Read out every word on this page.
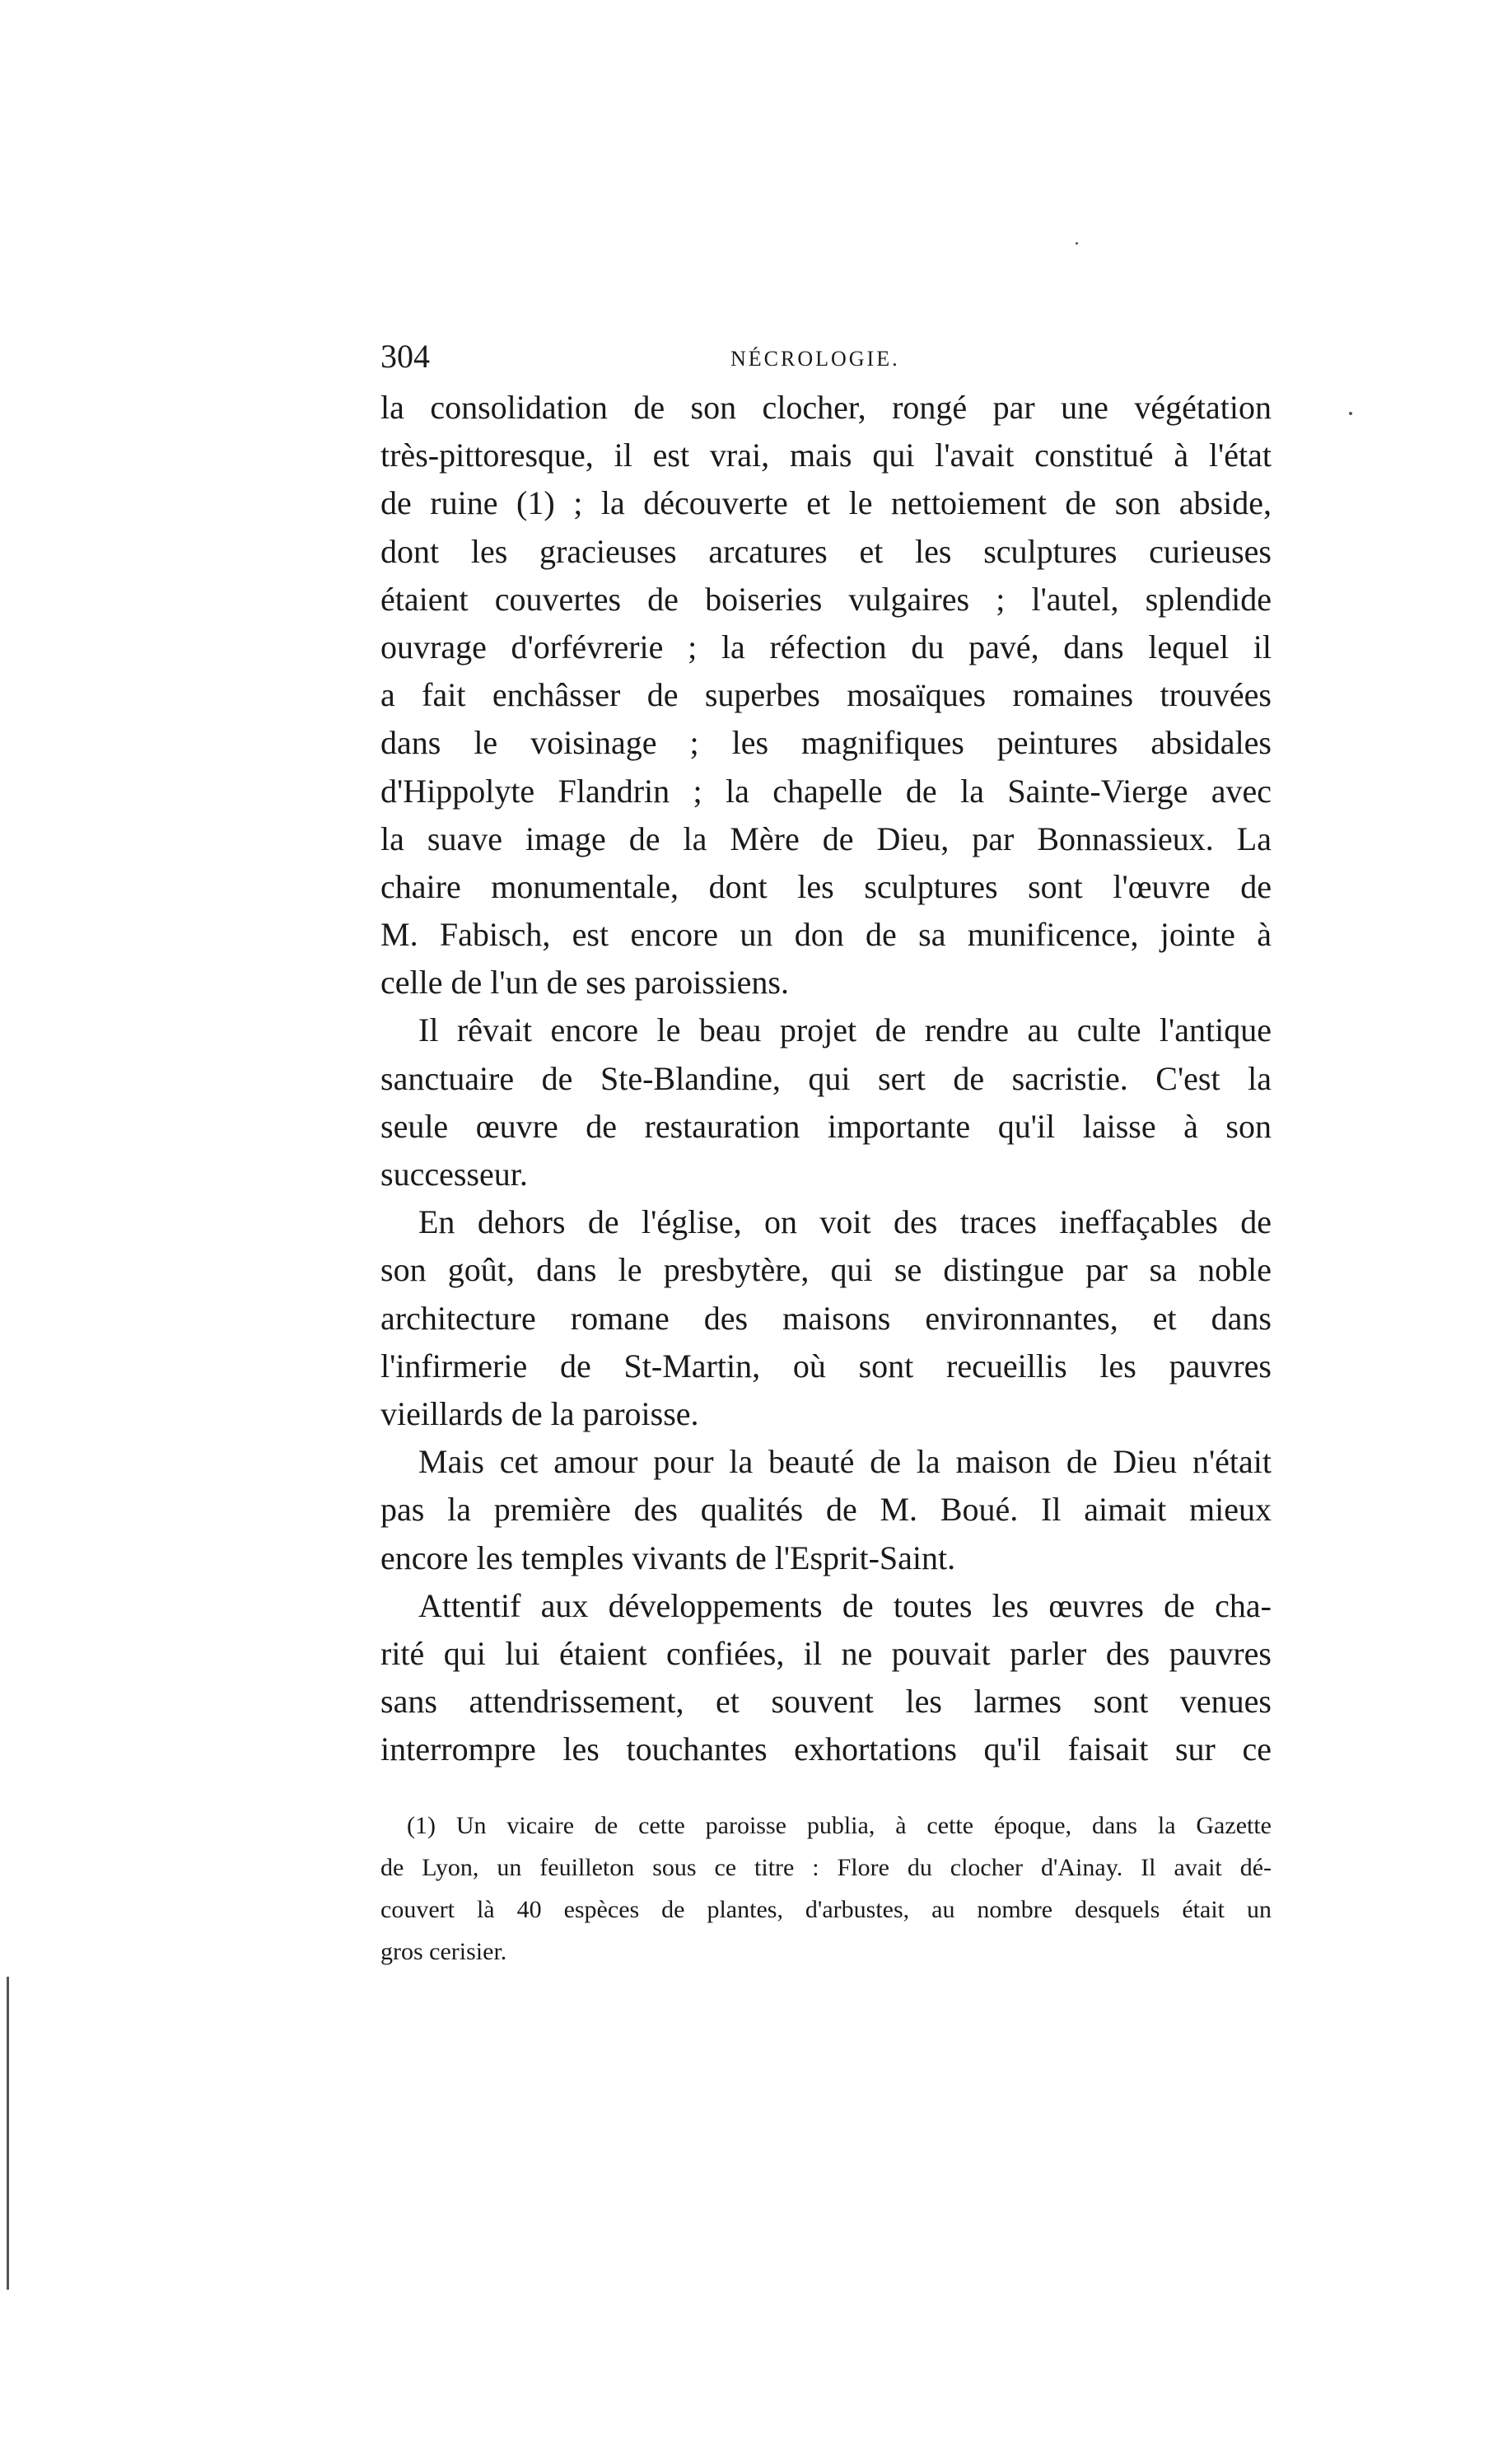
304	NÉCROLOGIE.
la consolidation de son clocher, rongé par une végétation
très-pittoresque, il est vrai, mais qui l'avait constitué à l'état
de ruine (1) ; la découverte et le nettoiement de son abside,
dont les gracieuses arcatures et les sculptures curieuses
étaient couvertes de boiseries vulgaires ; l'autel, splendide
ouvrage d'orfévrerie ; la réfection du pavé, dans lequel il
a fait enchâsser de superbes mosaïques romaines trouvées
dans le voisinage ; les magnifiques peintures absidales
d'Hippolyte Flandrin ; la chapelle de la Sainte-Vierge avec
la suave image de la Mère de Dieu, par Bonnassieux. La
chaire monumentale, dont les sculptures sont l'œuvre de
M. Fabisch, est encore un don de sa munificence, jointe à
celle de l'un de ses paroissiens.
Il rêvait encore le beau projet de rendre au culte l'antique
sanctuaire de Ste-Blandine, qui sert de sacristie. C'est la
seule œuvre de restauration importante qu'il laisse à son
successeur.
En dehors de l'église, on voit des traces ineffaçables de
son goût, dans le presbytère, qui se distingue par sa noble
architecture romane des maisons environnantes, et dans
l'infirmerie de St-Martin, où sont recueillis les pauvres
vieillards de la paroisse.
Mais cet amour pour la beauté de la maison de Dieu n'était
pas la première des qualités de M. Boué. Il aimait mieux
encore les temples vivants de l'Esprit-Saint.
Attentif aux développements de toutes les œuvres de cha-
rité qui lui étaient confiées, il ne pouvait parler des pauvres
sans attendrissement, et souvent les larmes sont venues
interrompre les touchantes exhortations qu'il faisait sur ce
(1) Un vicaire de cette paroisse publia, à cette époque, dans la Gazette
de Lyon, un feuilleton sous ce titre : Flore du clocher d'Ainay. Il avait dé-
couvert là 40 espèces de plantes, d'arbustes, au nombre desquels était un
gros cerisier.
